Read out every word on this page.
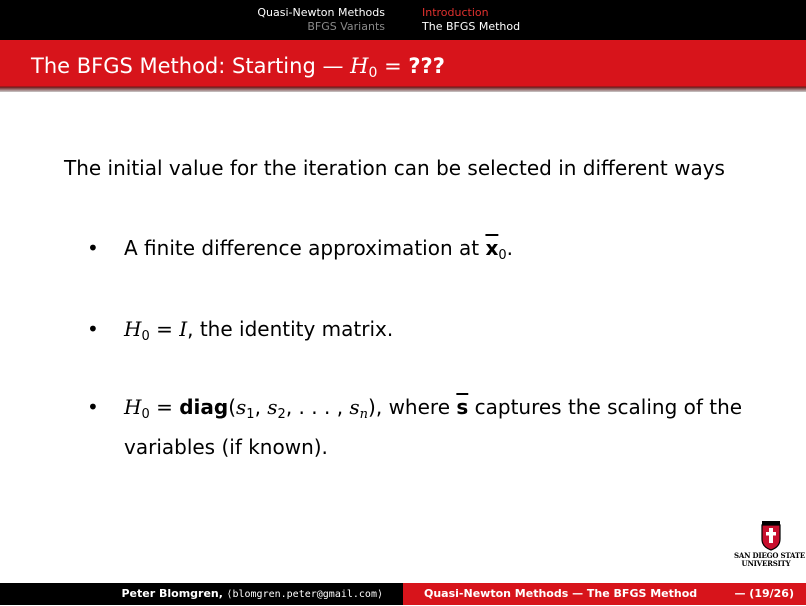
Quasi-Newton Methods
BFGS Variants
Introduction
The BFGS Method
The BFGS Method: Starting — $H_0$ = ???
The initial value for the iteration can be selected in different ways
• A finite difference approximation at $\overline{x}_0$.
• $H_0 = I$, the identity matrix.
• $H_0$ = $diag(s_1$, $s_2$, . . . , $s_n$), where $\overline{s}$ captures the scaling of the variables (if known).
SAN DIEGO STATE
UNIVERSITY
Peter Blomgren, ⟨blomgren.peter@gmail.com⟩	Quasi-Newton Methods — The BFGS Method	— (19/26)
